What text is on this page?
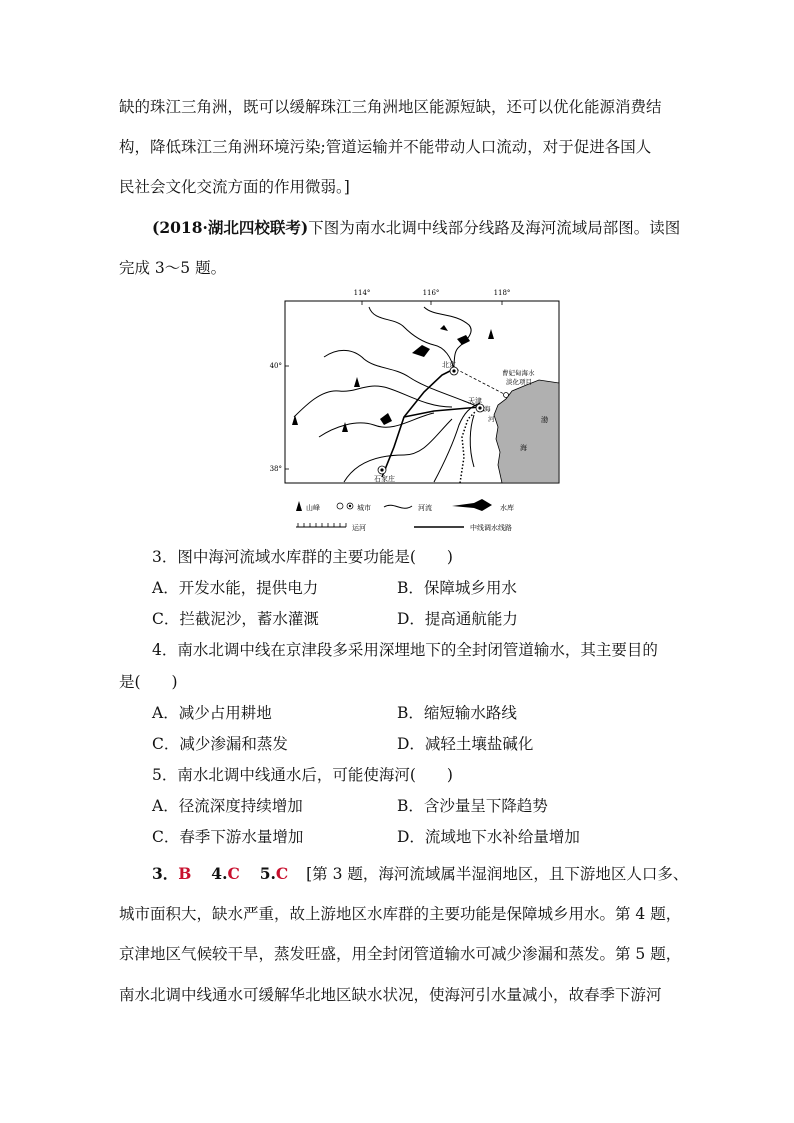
缺的珠江三角洲，既可以缓解珠江三角洲地区能源短缺，还可以优化能源消费结
构，降低珠江三角洲环境污染;管道运输并不能带动人口流动，对于促进各国人
民社会文化交流方面的作用微弱。]
(2018·湖北四校联考)下图为南水北调中线部分线路及海河流域局部图。读图
完成 3～5 题。
114°	116°	118°
40°
38°
渤
海
北京
天津
石家庄
曹妃甸海水
淡化项目
海
河
山峰	城市	河流	水库
运河	中线调水线路
3．图中海河流域水库群的主要功能是(　　)
A．开发水能，提供电力	B．保障城乡用水
C．拦截泥沙，蓄水灌溉	D．提高通航能力
4．南水北调中线在京津段多采用深埋地下的全封闭管道输水，其主要目的
是(　　)
A．减少占用耕地	B．缩短输水路线
C．减少渗漏和蒸发	D．减轻土壤盐碱化
5．南水北调中线通水后，可能使海河(　　)
A．径流深度持续增加	B．含沙量呈下降趋势
C．春季下游水量增加	D．流域地下水补给量增加
3．B 4.C 5.C [第 3 题，海河流域属半湿润地区，且下游地区人口多、
城市面积大，缺水严重，故上游地区水库群的主要功能是保障城乡用水。第 4 题，
京津地区气候较干旱，蒸发旺盛，用全封闭管道输水可减少渗漏和蒸发。第 5 题，
南水北调中线通水可缓解华北地区缺水状况，使海河引水量减小，故春季下游河
